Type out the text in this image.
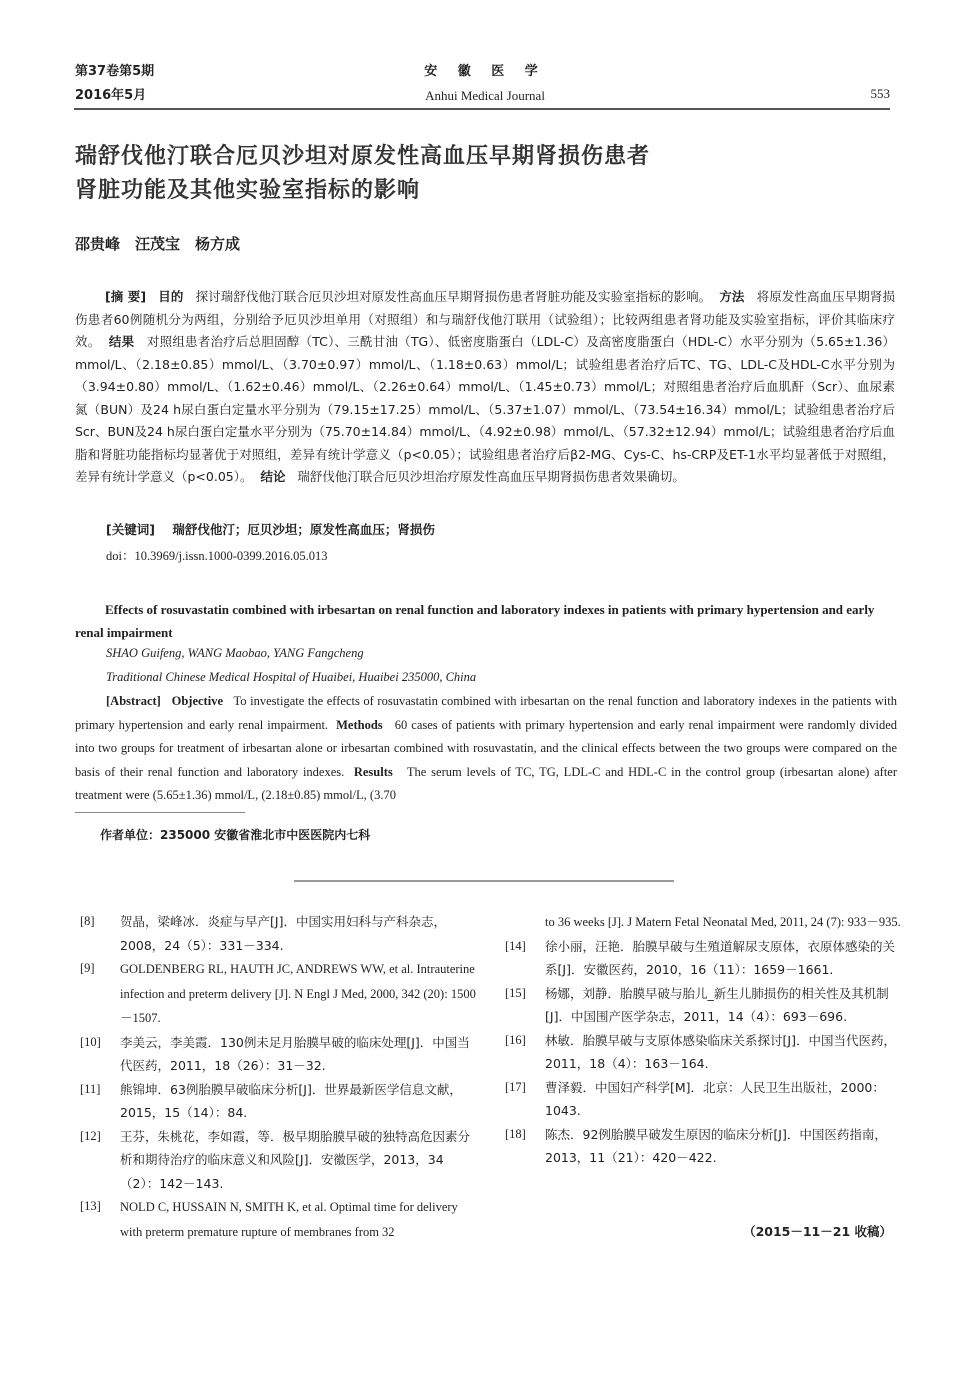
第37卷第5期
2016年5月
安 徽 医 学
Anhui Medical Journal	553
瑞舒伐他汀联合厄贝沙坦对原发性高血压早期肾损伤患者
肾脏功能及其他实验室指标的影响
邵贵峰　汪茂宝　杨方成
[摘 要] 目的 探讨瑞舒伐他汀联合厄贝沙坦对原发性高血压早期肾损伤患者肾脏功能及实验室指标的影响。 方法 将原发性高血压早期肾损伤患者60例随机分为两组，分别给予厄贝沙坦单用（对照组）和与瑞舒伐他汀联用（试验组）；比较两组患者肾功能及实验室指标，评价其临床疗效。 结果 对照组患者治疗后总胆固醇（TC）、三酰甘油（TG）、低密度脂蛋白（LDL-C）及高密度脂蛋白（HDL-C）水平分别为（5.65±1.36）mmol/L、（2.18±0.85）mmol/L、（3.70±0.97）mmol/L、（1.18±0.63）mmol/L；试验组患者治疗后TC、TG、LDL-C及HDL-C水平分别为（3.94±0.80）mmol/L、（1.62±0.46）mmol/L、（2.26±0.64）mmol/L、（1.45±0.73）mmol/L；对照组患者治疗后血肌酐（Scr）、血尿素氮（BUN）及24 h尿白蛋白定量水平分别为（79.15±17.25）mmol/L、（5.37±1.07）mmol/L、（73.54±16.34）mmol/L；试验组患者治疗后Scr、BUN及24 h尿白蛋白定量水平分别为（75.70±14.84）mmol/L、（4.92±0.98）mmol/L、（57.32±12.94）mmol/L；试验组患者治疗后血脂和肾脏功能指标均显著优于对照组，差异有统计学意义（p<0.05）；试验组患者治疗后β2-MG、Cys-C、hs-CRP及ET-1水平均显著低于对照组，差异有统计学意义（p<0.05）。 结论 瑞舒伐他汀联合厄贝沙坦治疗原发性高血压早期肾损伤患者效果确切。
[关键词] 瑞舒伐他汀；厄贝沙坦；原发性高血压；肾损伤
doi：10.3969/j.issn.1000-0399.2016.05.013
Effects of rosuvastatin combined with irbesartan on renal function and laboratory indexes in patients with primary hypertension and early renal impairment
SHAO Guifeng, WANG Maobao, YANG Fangcheng
Traditional Chinese Medical Hospital of Huaibei, Huaibei 235000, China
[Abstract] Objective To investigate the effects of rosuvastatin combined with irbesartan on the renal function and laboratory indexes in the patients with primary hypertension and early renal impairment. Methods 60 cases of patients with primary hypertension and early renal impairment were randomly divided into two groups for treatment of irbesartan alone or irbesartan combined with rosuvastatin, and the clinical effects between the two groups were compared on the basis of their renal function and laboratory indexes. Results The serum levels of TC, TG, LDL-C and HDL-C in the control group (irbesartan alone) after treatment were (5.65±1.36) mmol/L, (2.18±0.85) mmol/L, (3.70
作者单位：235000 安徽省淮北市中医医院内七科
[8] 贺晶，梁峰冰．炎症与早产[J]．中国实用妇科与产科杂志，2008，24（5）：331－334.
[9] GOLDENBERG RL, HAUTH JC, ANDREWS WW, et al. Intrauterine infection and preterm delivery [J]. N Engl J Med, 2000, 342 (20): 1500－1507.
[10] 李美云，李美霞．130例未足月胎膜早破的临床处理[J]．中国当代医药，2011，18（26）：31－32.
[11] 熊锦坤．63例胎膜早破临床分析[J]．世界最新医学信息文献，2015，15（14）：84.
[12] 王芬，朱桃花，李如霞，等．极早期胎膜早破的独特高危因素分析和期待治疗的临床意义和风险[J]．安徽医学，2013，34（2）：142－143.
[13] NOLD C, HUSSAIN N, SMITH K, et al. Optimal time for delivery with preterm premature rupture of membranes from 32
to 36 weeks [J]. J Matern Fetal Neonatal Med, 2011, 24 (7): 933－935.
[14] 徐小丽，汪艳．胎膜早破与生殖道解尿支原体，衣原体感染的关系[J]．安徽医药，2010，16（11）：1659－1661.
[15] 杨娜，刘静．胎膜早破与胎儿_新生儿肺损伤的相关性及其机制[J]．中国围产医学杂志，2011，14（4）：693－696.
[16] 林敏．胎膜早破与支原体感染临床关系探讨[J]．中国当代医药，2011，18（4）：163－164.
[17] 曹泽毅．中国妇产科学[M]．北京：人民卫生出版社，2000：1043.
[18] 陈杰．92例胎膜早破发生原因的临床分析[J]．中国医药指南，2013，11（21）：420－422.
（2015－11－21 收稿）
